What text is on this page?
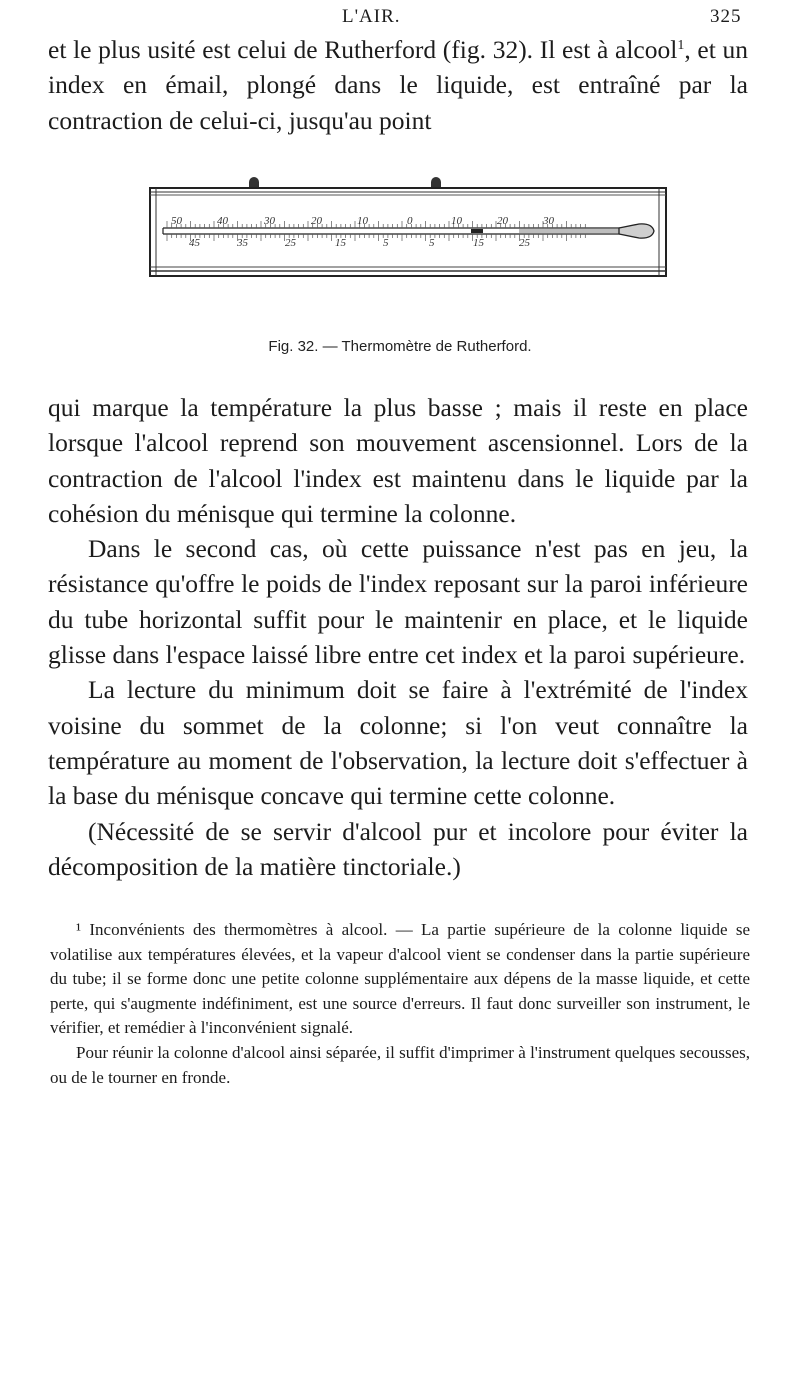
L'AIR.	325

et le plus usité est celui de Rutherford (fig. 32). Il est à alcool$^1$, et un index en émail, plongé dans le liquide, est entraîné par la contraction de celui-ci, jusqu'au point

50	40	30	20	10	0	10	20	30
45	35	25	15	5	5	15	25
Fig. 32. — Thermomètre de Rutherford.

qui marque la température la plus basse ; mais il reste en place lorsque l'alcool reprend son mouvement ascensionnel. Lors de la contraction de l'alcool l'index est maintenu dans le liquide par la cohésion du ménisque qui termine la colonne.

Dans le second cas, où cette puissance n'est pas en jeu, la résistance qu'offre le poids de l'index reposant sur la paroi inférieure du tube horizontal suffit pour le maintenir en place, et le liquide glisse dans l'espace laissé libre entre cet index et la paroi supérieure.

La lecture du minimum doit se faire à l'extrémité de l'index voisine du sommet de la colonne; si l'on veut connaître la température au moment de l'observation, la lecture doit s'effectuer à la base du ménisque concave qui termine cette colonne.

(Nécessité de se servir d'alcool pur et incolore pour éviter la décomposition de la matière tinctoriale.)

¹ Inconvénients des thermomètres à alcool. — La partie supérieure de la colonne liquide se volatilise aux températures élevées, et la vapeur d'alcool vient se condenser dans la partie supérieure du tube; il se forme donc une petite colonne supplémentaire aux dépens de la masse liquide, et cette perte, qui s'augmente indéfiniment, est une source d'erreurs. Il faut donc surveiller son instrument, le vérifier, et remédier à l'inconvénient signalé.

Pour réunir la colonne d'alcool ainsi séparée, il suffit d'imprimer à l'instrument quelques secousses, ou de le tourner en fronde.
